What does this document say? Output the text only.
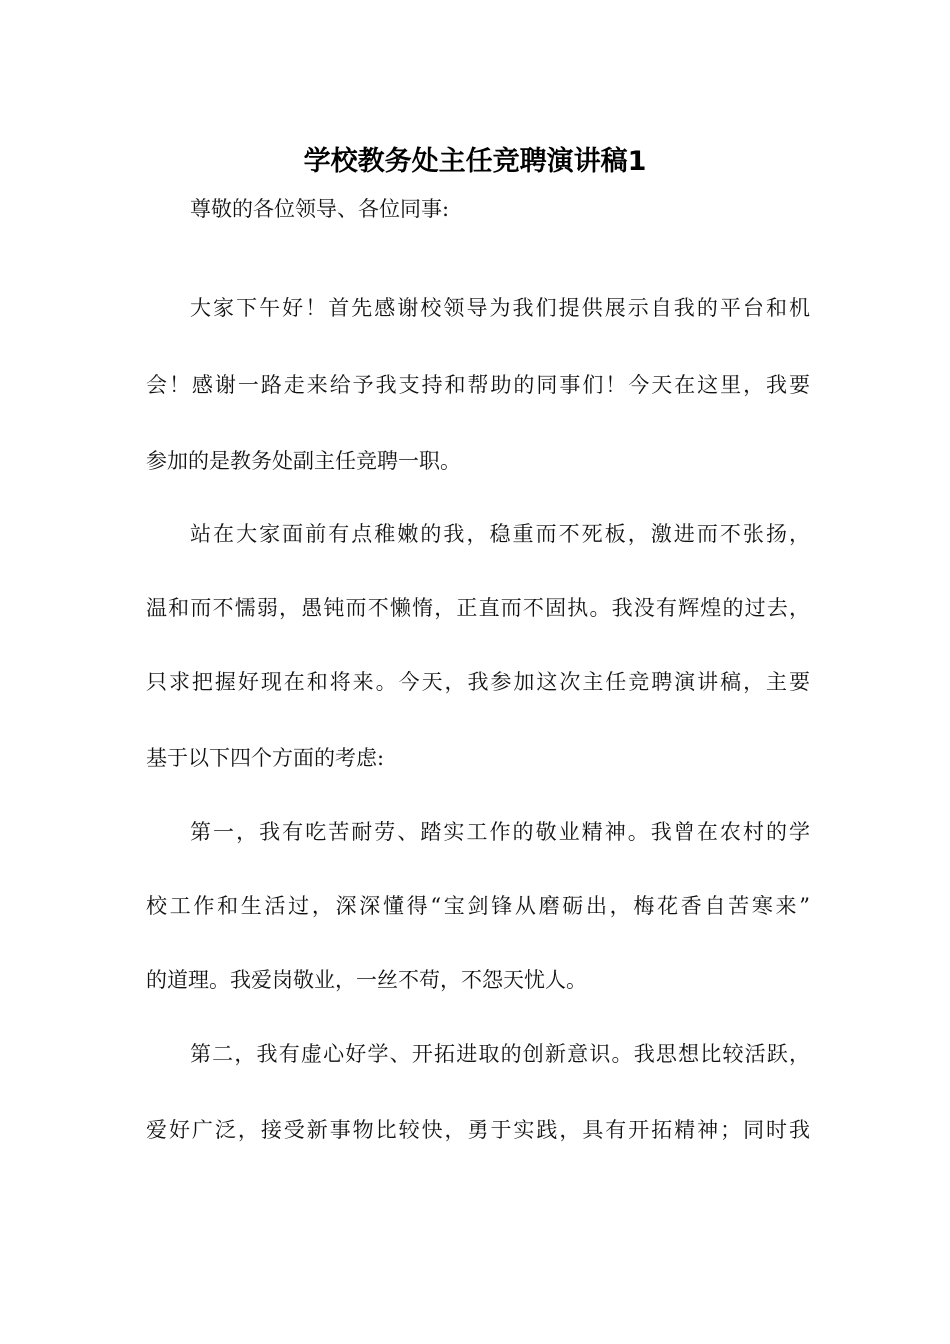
学校教务处主任竞聘演讲稿1
尊敬的各位领导、各位同事:
大家下午好！首先感谢校领导为我们提供展示自我的平台和机
会！感谢一路走来给予我支持和帮助的同事们！今天在这里，我要
参加的是教务处副主任竞聘一职。
站在大家面前有点稚嫩的我，稳重而不死板，激进而不张扬，
温和而不懦弱，愚钝而不懒惰，正直而不固执。我没有辉煌的过去，
只求把握好现在和将来。今天，我参加这次主任竞聘演讲稿，主要
基于以下四个方面的考虑:
第一，我有吃苦耐劳、踏实工作的敬业精神。我曾在农村的学
校工作和生活过，深深懂得“宝剑锋从磨砺出，梅花香自苦寒来”
的道理。我爱岗敬业，一丝不苟，不怨天忧人。
第二，我有虚心好学、开拓进取的创新意识。我思想比较活跃，
爱好广泛，接受新事物比较快，勇于实践，具有开拓精神；同时我
